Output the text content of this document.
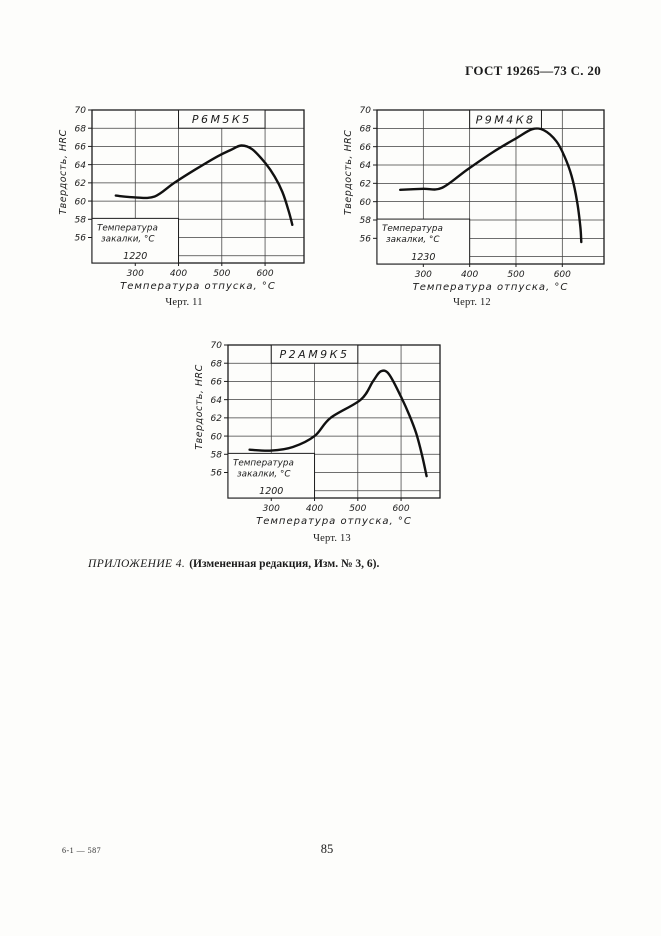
ГОСТ 19265—73 С. 20
56
58
60
62
64
66
68
70
Твердость, HRC
300	400	500	600
Температура отпуска, °С
Р6М5К5
Температура
закалки, °С
1220
56
58
60
62
64
66
68
70
Твердость, HRC
300	400	500	600
Температура отпуска, °С
Р9М4К8
Температура
закалки, °С
1230
56
58
60
62
64
66
68
70
Твердость, HRC
300	400	500	600
Температура отпуска, °С
Р2АМ9К5
Температура
закалки, °С
1200
Черт. 11	Черт. 12
Черт. 13
ПРИЛОЖЕНИЕ 4. (Измененная редакция, Изм. № 3, 6).
6-1 — 587	85
